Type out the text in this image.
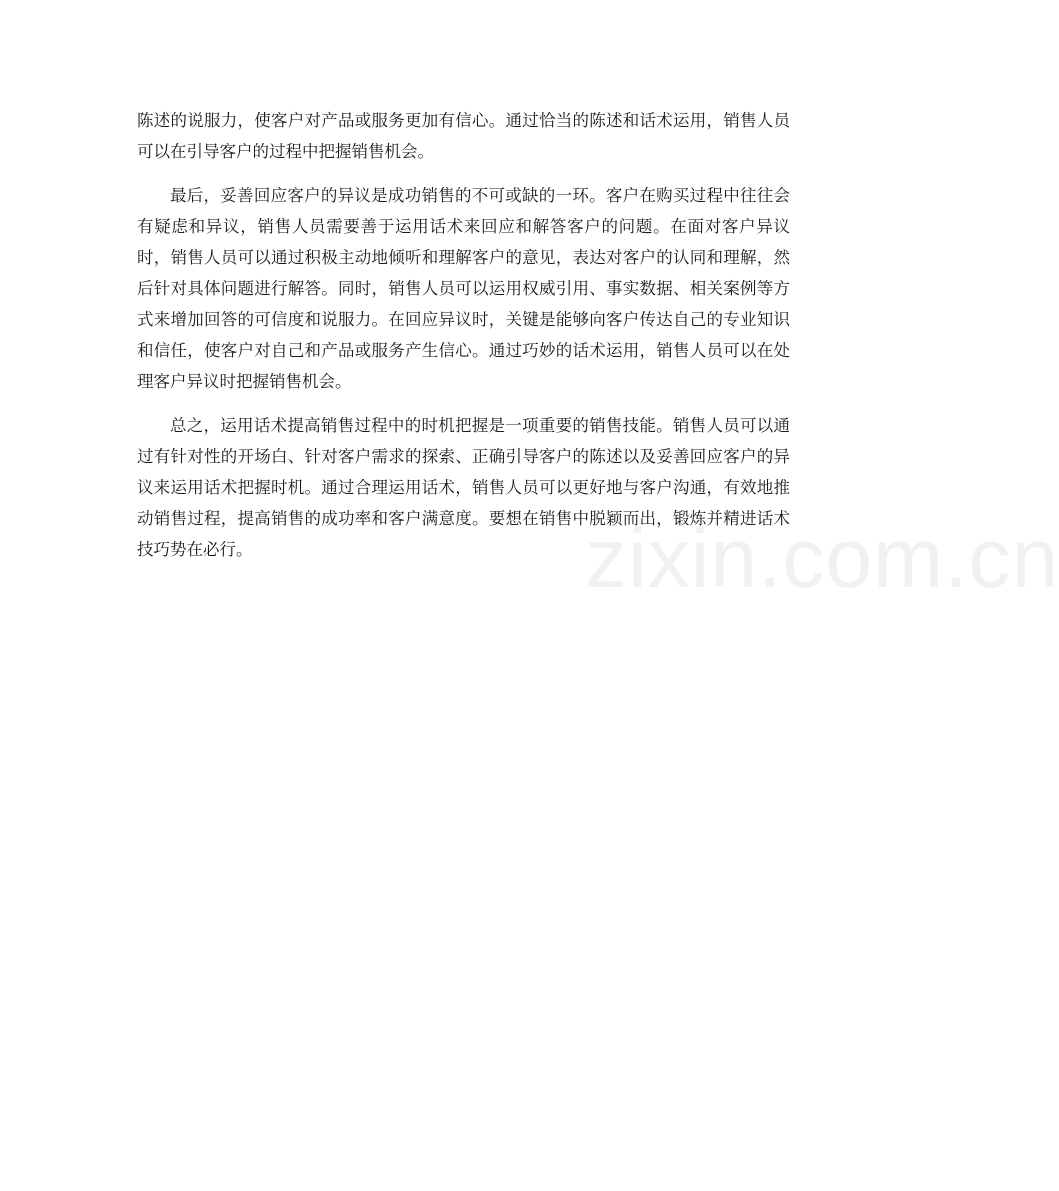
陈述的说服力，使客户对产品或服务更加有信心。通过恰当的陈述和话术运用，销售人员可以在引导客户的过程中把握销售机会。

最后，妥善回应客户的异议是成功销售的不可或缺的一环。客户在购买过程中往往会有疑虑和异议，销售人员需要善于运用话术来回应和解答客户的问题。在面对客户异议时，销售人员可以通过积极主动地倾听和理解客户的意见，表达对客户的认同和理解，然后针对具体问题进行解答。同时，销售人员可以运用权威引用、事实数据、相关案例等方式来增加回答的可信度和说服力。在回应异议时，关键是能够向客户传达自己的专业知识和信任，使客户对自己和产品或服务产生信心。通过巧妙的话术运用，销售人员可以在处理客户异议时把握销售机会。

总之，运用话术提高销售过程中的时机把握是一项重要的销售技能。销售人员可以通过有针对性的开场白、针对客户需求的探索、正确引导客户的陈述以及妥善回应客户的异议来运用话术把握时机。通过合理运用话术，销售人员可以更好地与客户沟通，有效地推动销售过程，提高销售的成功率和客户满意度。要想在销售中脱颖而出，锻炼并精进话术技巧势在必行。	zixin.com.cn
